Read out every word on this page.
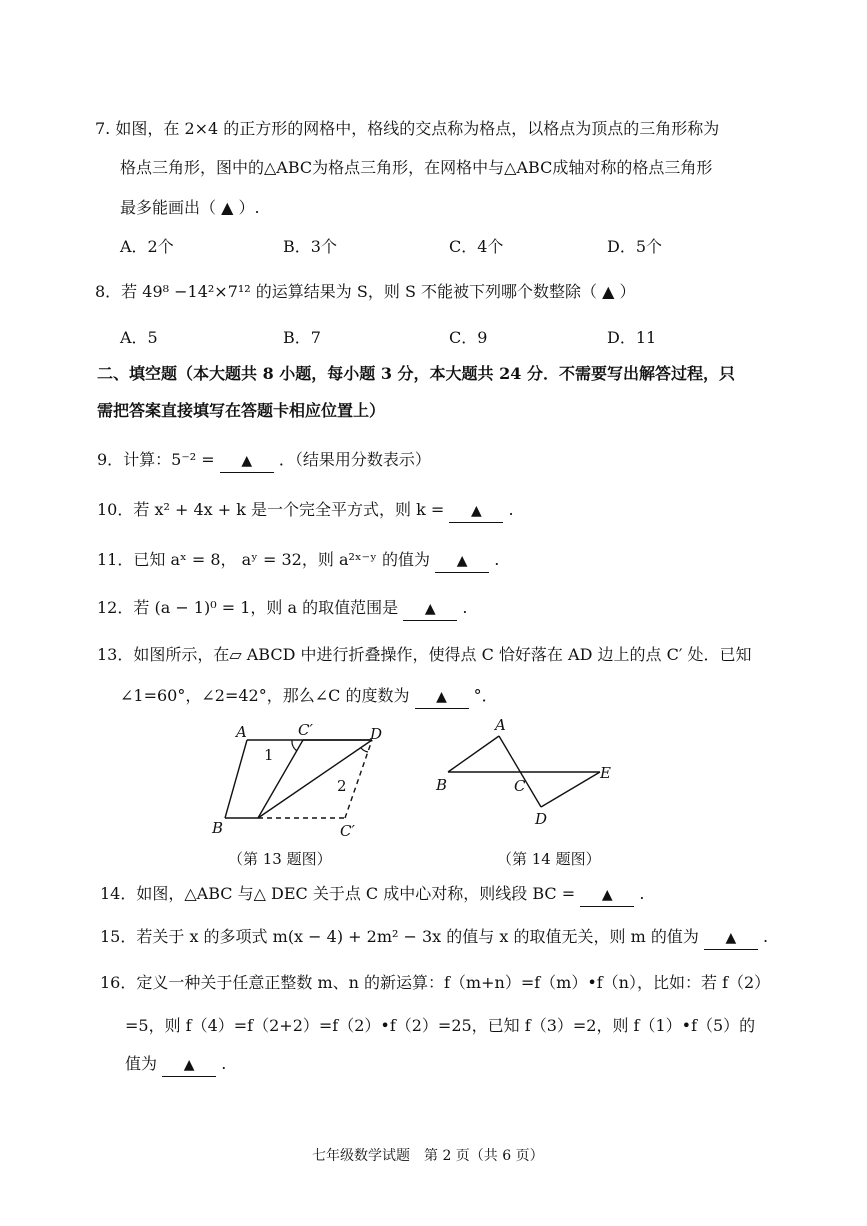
7. 如图，在 2×4 的正方形的网格中，格线的交点称为格点，以格点为顶点的三角形称为
格点三角形，图中的△ABC为格点三角形，在网格中与△ABC成轴对称的格点三角形
最多能画出（ ▲ ）.
A．2个	B．3个	C．4个	D．5个
8．若 49⁸ −14²×7¹² 的运算结果为 S，则 S 不能被下列哪个数整除（ ▲ ）
A．5	B．7	C．9	D．11
二、填空题（本大题共 8 小题，每小题 3 分，本大题共 24 分．不需要写出解答过程，只
需把答案直接填写在答题卡相应位置上）
9．计算：5⁻² = ▲ ．（结果用分数表示）
10．若 x² + 4x + k 是一个完全平方式，则 k = ▲ .
11．已知 aˣ = 8， aʸ = 32，则 a²ˣ⁻ʸ 的值为 ▲ .
12．若 (a − 1)⁰ = 1，则 a 的取值范围是 ▲ .
13．如图所示，在▱ ABCD 中进行折叠操作，使得点 C 恰好落在 AD 边上的点 C′ 处．已知
∠1=60°，∠2=42°，那么∠C 的度数为 ▲ °．
A	C′	D
B	C′
1
2
（第 13 题图）
A
B	C
D
E
（第 14 题图）
14．如图，△ABC 与△ DEC 关于点 C 成中心对称，则线段 BC = ▲ .
15．若关于 x 的多项式 m(x − 4) + 2m² − 3x 的值与 x 的取值无关，则 m 的值为 ▲ .
16．定义一种关于任意正整数 m、n 的新运算：f（m+n）=f（m）•f（n），比如：若 f（2）
=5，则 f（4）=f（2+2）=f（2）•f（2）=25，已知 f（3）=2，则 f（1）•f（5）的
值为 ▲ .
七年级数学试题　第 2 页（共 6 页）
